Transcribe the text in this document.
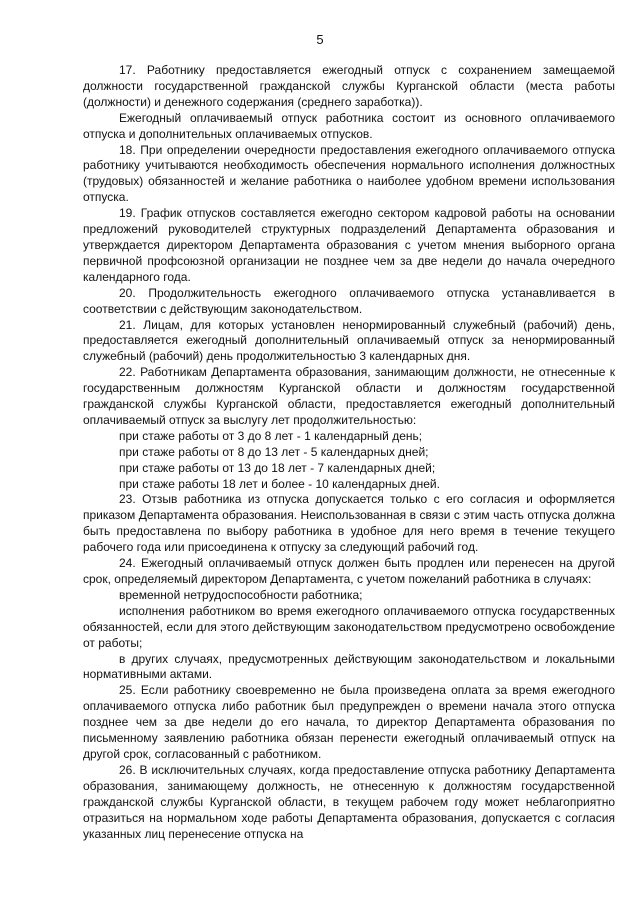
5

17. Работнику предоставляется ежегодный отпуск с сохранением замещаемой должности государственной гражданской службы Курганской области (места работы (должности) и денежного содержания (среднего заработка)).

Ежегодный оплачиваемый отпуск работника состоит из основного оплачиваемого отпуска и дополнительных оплачиваемых отпусков.

18. При определении очередности предоставления ежегодного оплачиваемого отпуска работнику учитываются необходимость обеспечения нормального исполнения должностных (трудовых) обязанностей и желание работника о наиболее удобном времени использования отпуска.

19. График отпусков составляется ежегодно сектором кадровой работы на основании предложений руководителей структурных подразделений Департамента образования и утверждается директором Департамента образования с учетом мнения выборного органа первичной профсоюзной организации не позднее чем за две недели до начала очередного календарного года.

20. Продолжительность ежегодного оплачиваемого отпуска устанавливается в соответствии с действующим законодательством.

21. Лицам, для которых установлен ненормированный служебный (рабочий) день, предоставляется ежегодный дополнительный оплачиваемый отпуск за ненормированный служебный (рабочий) день продолжительностью 3 календарных дня.

22. Работникам Департамента образования, занимающим должности, не отнесенные к государственным должностям Курганской области и должностям государственной гражданской службы Курганской области, предоставляется ежегодный дополнительный оплачиваемый отпуск за выслугу лет продолжительностью:

при стаже работы от 3 до 8 лет - 1 календарный день;

при стаже работы от 8 до 13 лет - 5 календарных дней;

при стаже работы от 13 до 18 лет - 7 календарных дней;

при стаже работы 18 лет и более - 10 календарных дней.

23. Отзыв работника из отпуска допускается только с его согласия и оформляется приказом Департамента образования. Неиспользованная в связи с этим часть отпуска должна быть предоставлена по выбору работника в удобное для него время в течение текущего рабочего года или присоединена к отпуску за следующий рабочий год.

24. Ежегодный оплачиваемый отпуск должен быть продлен или перенесен на другой срок, определяемый директором Департамента, с учетом пожеланий работника в случаях:

временной нетрудоспособности работника;

исполнения работником во время ежегодного оплачиваемого отпуска государственных обязанностей, если для этого действующим законодательством предусмотрено освобождение от работы;

в других случаях, предусмотренных действующим законодательством и локальными нормативными актами.

25. Если работнику своевременно не была произведена оплата за время ежегодного оплачиваемого отпуска либо работник был предупрежден о времени начала этого отпуска позднее чем за две недели до его начала, то директор Департамента образования по письменному заявлению работника обязан перенести ежегодный оплачиваемый отпуск на другой срок, согласованный с работником.

26. В исключительных случаях, когда предоставление отпуска работнику Департамента образования, занимающему должность, не отнесенную к должностям государственной гражданской службы Курганской области, в текущем рабочем году может неблагоприятно отразиться на нормальном ходе работы Департамента образования, допускается с согласия указанных лиц перенесение отпуска на
